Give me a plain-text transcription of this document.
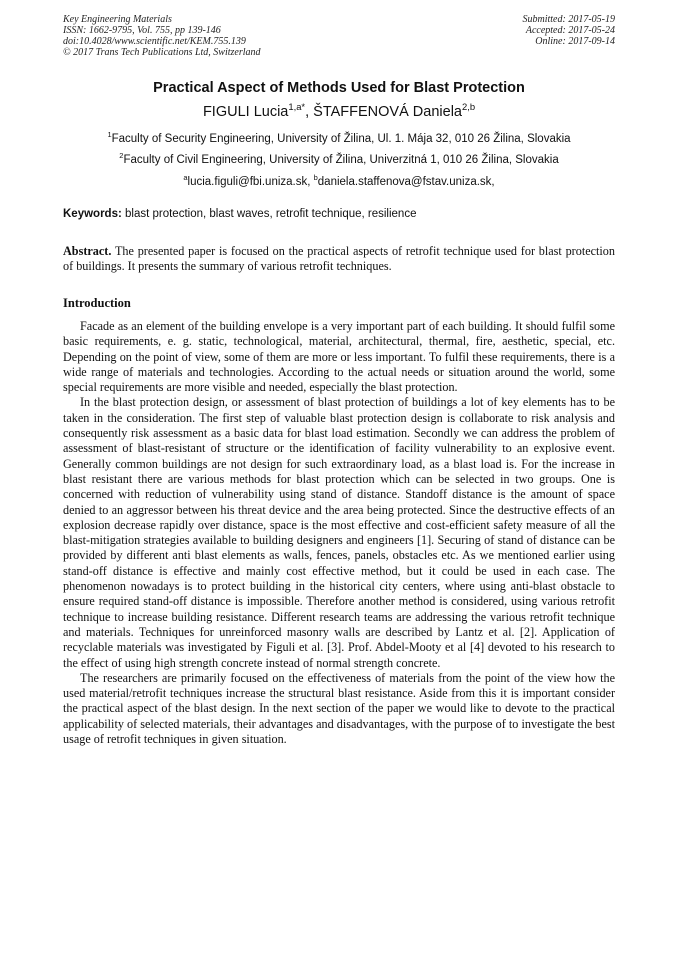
Key Engineering Materials
ISSN: 1662-9795, Vol. 755, pp 139-146
doi:10.4028/www.scientific.net/KEM.755.139
© 2017 Trans Tech Publications Ltd, Switzerland
Submitted: 2017-05-19
Accepted: 2017-05-24
Online: 2017-09-14
Practical Aspect of Methods Used for Blast Protection
FIGULI Lucia$^{1,a*}$, ŠTAFFENOVÁ Daniela$^{2,b}$
$^1$Faculty of Security Engineering, University of Žilina, Ul. 1. Mája 32, 010 26 Žilina, Slovakia
$^2$Faculty of Civil Engineering, University of Žilina, Univerzitná 1, 010 26 Žilina, Slovakia
$^a$lucia.figuli@fbi.uniza.sk, $^b$daniela.staffenova@fstav.uniza.sk,
Keywords: blast protection, blast waves, retrofit technique, resilience
Abstract. The presented paper is focused on the practical aspects of retrofit technique used for blast protection of buildings. It presents the summary of various retrofit techniques.
Introduction

Facade as an element of the building envelope is a very important part of each building. It should fulfil some basic requirements, e. g. static, technological, material, architectural, thermal, fire, aesthetic, special, etc. Depending on the point of view, some of them are more or less important. To fulfil these requirements, there is a wide range of materials and technologies. According to the actual needs or situation around the world, some special requirements are more visible and needed, especially the blast protection.

In the blast protection design, or assessment of blast protection of buildings a lot of key elements has to be taken in the consideration. The first step of valuable blast protection design is collaborate to risk analysis and consequently risk assessment as a basic data for blast load estimation. Secondly we can address the problem of assessment of blast-resistant of structure or the identification of facility vulnerability to an explosive event. Generally common buildings are not design for such extraordinary load, as a blast load is. For the increase in blast resistant there are various methods for blast protection which can be selected in two groups. One is concerned with reduction of vulnerability using stand of distance. Standoff distance is the amount of space denied to an aggressor between his threat device and the area being protected. Since the destructive effects of an explosion decrease rapidly over distance, space is the most effective and cost-efficient safety measure of all the blast-mitigation strategies available to building designers and engineers [1]. Securing of stand of distance can be provided by different anti blast elements as walls, fences, panels, obstacles etc. As we mentioned earlier using stand-off distance is effective and mainly cost effective method, but it could be used in each case. The phenomenon nowadays is to protect building in the historical city centers, where using anti-blast obstacle to ensure required stand-off distance is impossible. Therefore another method is considered, using various retrofit technique to increase building resistance. Different research teams are addressing the various retrofit technique and materials. Techniques for unreinforced masonry walls are described by Lantz et al. [2]. Application of recyclable materials was investigated by Figuli et al. [3]. Prof. Abdel-Mooty et al [4] devoted to his research to the effect of using high strength concrete instead of normal strength concrete.

The researchers are primarily focused on the effectiveness of materials from the point of the view how the used material/retrofit techniques increase the structural blast resistance. Aside from this it is important consider the practical aspect of the blast design. In the next section of the paper we would like to devote to the practical applicability of selected materials, their advantages and disadvantages, with the purpose of to investigate the best usage of retrofit techniques in given situation.
